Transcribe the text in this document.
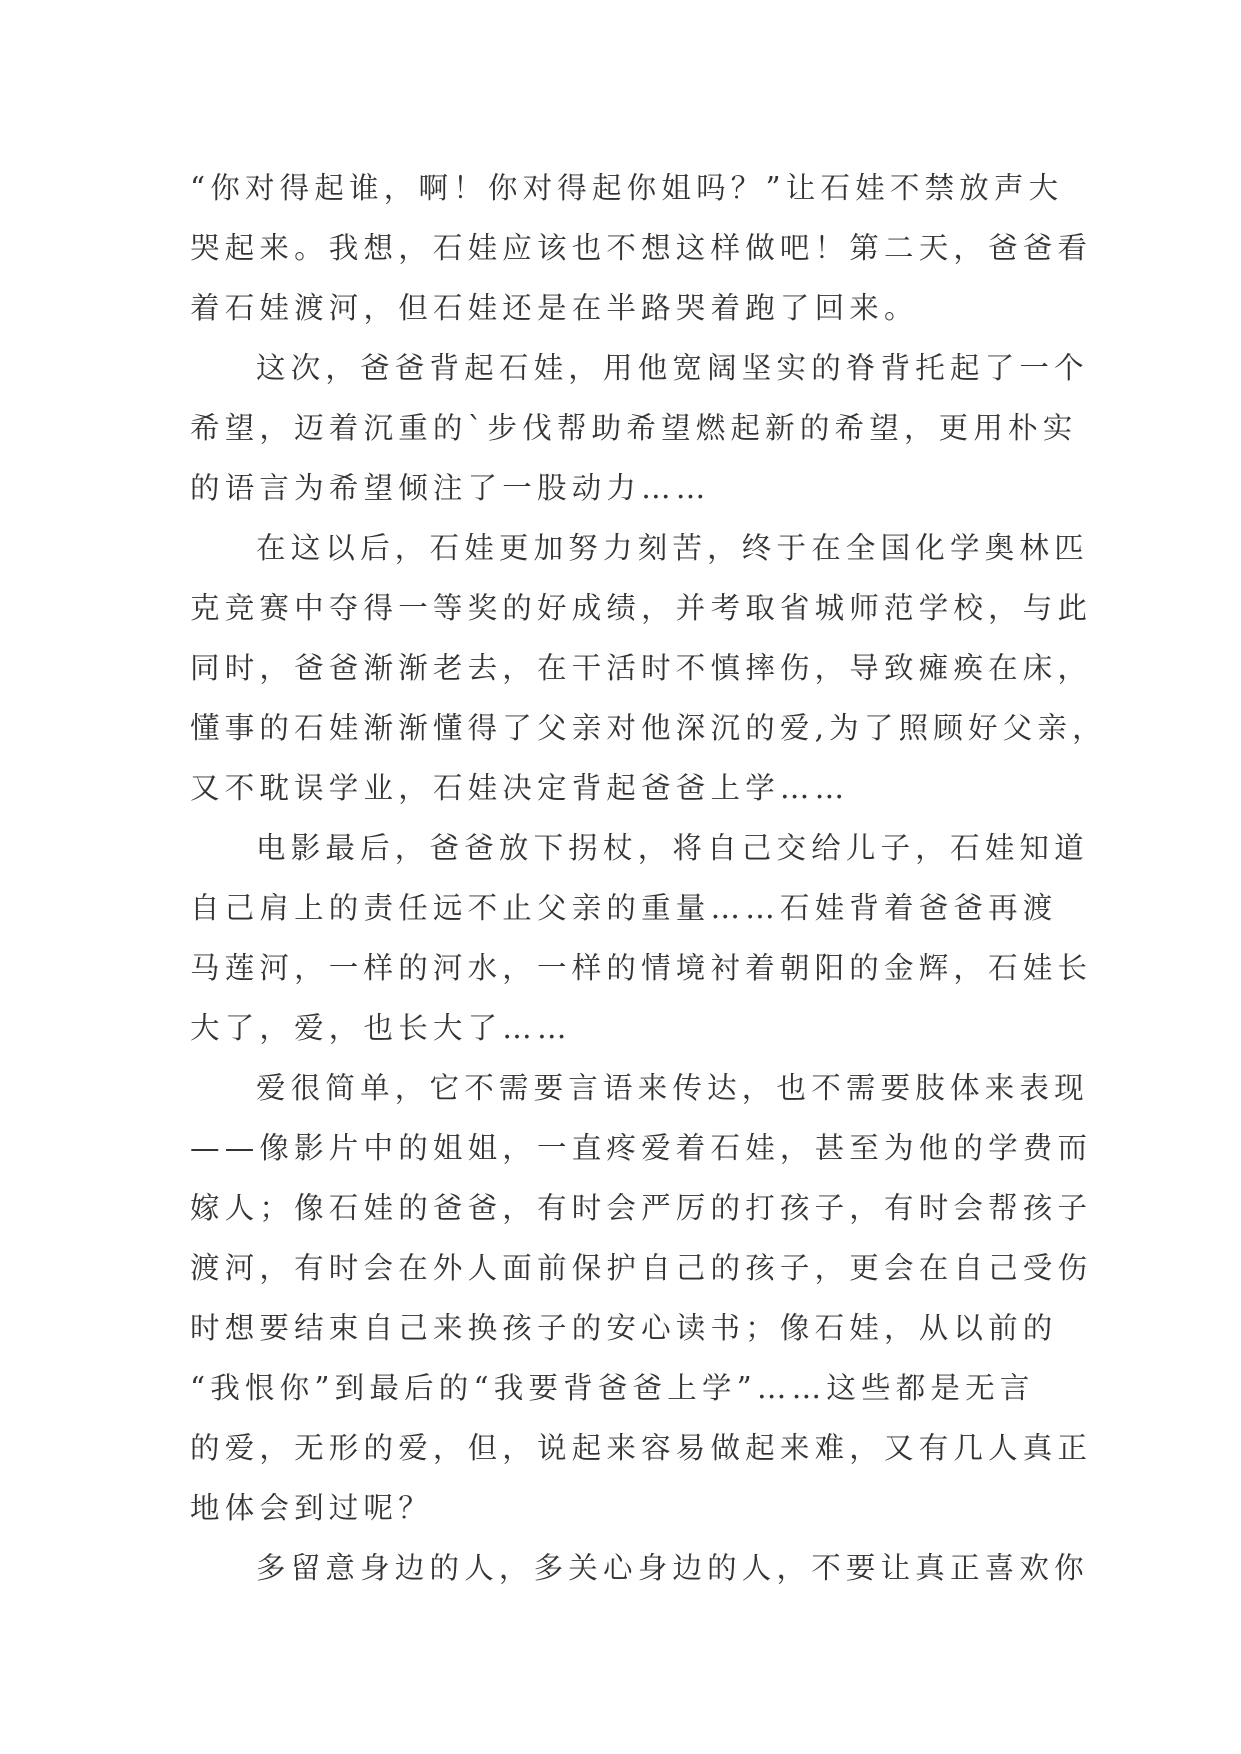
“你对得起谁，啊！你对得起你姐吗？”让石娃不禁放声大
哭起来。我想，石娃应该也不想这样做吧！第二天，爸爸看
着石娃渡河，但石娃还是在半路哭着跑了回来。
这次，爸爸背起石娃，用他宽阔坚实的脊背托起了一个
希望，迈着沉重的`步伐帮助希望燃起新的希望，更用朴实
的语言为希望倾注了一股动力……
在这以后，石娃更加努力刻苦，终于在全国化学奥林匹
克竞赛中夺得一等奖的好成绩，并考取省城师范学校，与此
同时，爸爸渐渐老去，在干活时不慎摔伤，导致瘫痪在床，
懂事的石娃渐渐懂得了父亲对他深沉的爱,为了照顾好父亲，
又不耽误学业，石娃决定背起爸爸上学……
电影最后，爸爸放下拐杖，将自己交给儿子，石娃知道
自己肩上的责任远不止父亲的重量……石娃背着爸爸再渡
马莲河，一样的河水，一样的情境衬着朝阳的金辉，石娃长
大了，爱，也长大了……
爱很简单，它不需要言语来传达，也不需要肢体来表现
——像影片中的姐姐，一直疼爱着石娃，甚至为他的学费而
嫁人；像石娃的爸爸，有时会严厉的打孩子，有时会帮孩子
渡河，有时会在外人面前保护自己的孩子，更会在自己受伤
时想要结束自己来换孩子的安心读书；像石娃，从以前的
“我恨你”到最后的“我要背爸爸上学”……这些都是无言
的爱，无形的爱，但，说起来容易做起来难，又有几人真正
地体会到过呢？
多留意身边的人，多关心身边的人，不要让真正喜欢你
